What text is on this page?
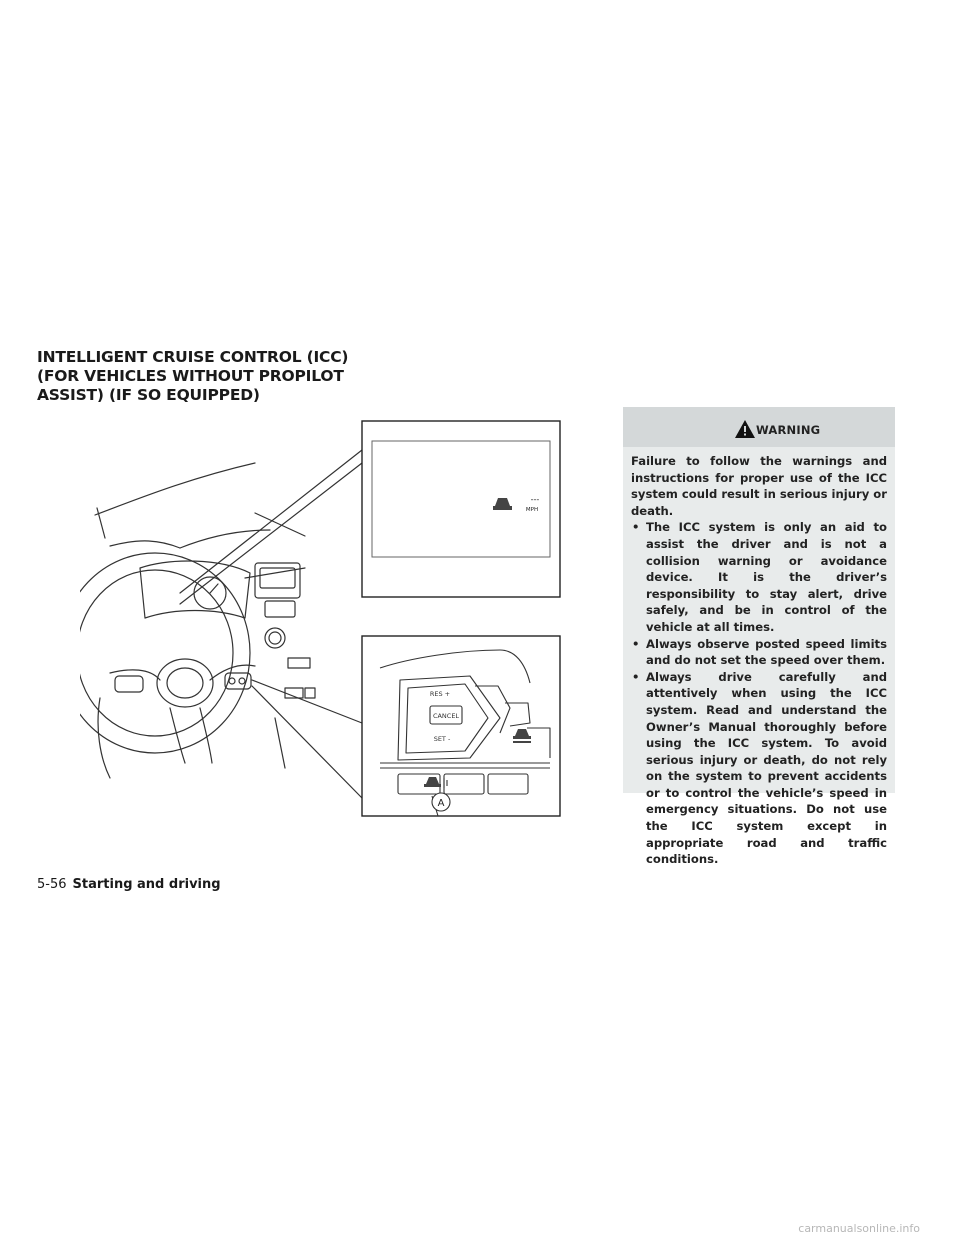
INTELLIGENT CRUISE CONTROL (ICC)
(FOR VEHICLES WITHOUT PROPILOT
ASSIST) (IF SO EQUIPPED)
---
MPH
RES +
CANCEL
SET -
A
WARNING

Failure to follow the warnings and instructions for proper use of the ICC system could result in serious injury or death.

• The ICC system is only an aid to assist the driver and is not a collision warning or avoidance device. It is the driver’s responsibility to stay alert, drive safely, and be in control of the vehicle at all times.
• Always observe posted speed limits and do not set the speed over them.
• Always drive carefully and attentively when using the ICC system. Read and understand the Owner’s Manual thoroughly before using the ICC system. To avoid serious injury or death, do not rely on the system to prevent accidents or to control the vehicle’s speed in emergency situations. Do not use the ICC system except in appropriate road and traffic conditions.
5-56 Starting and driving
carmanualsonline.info
